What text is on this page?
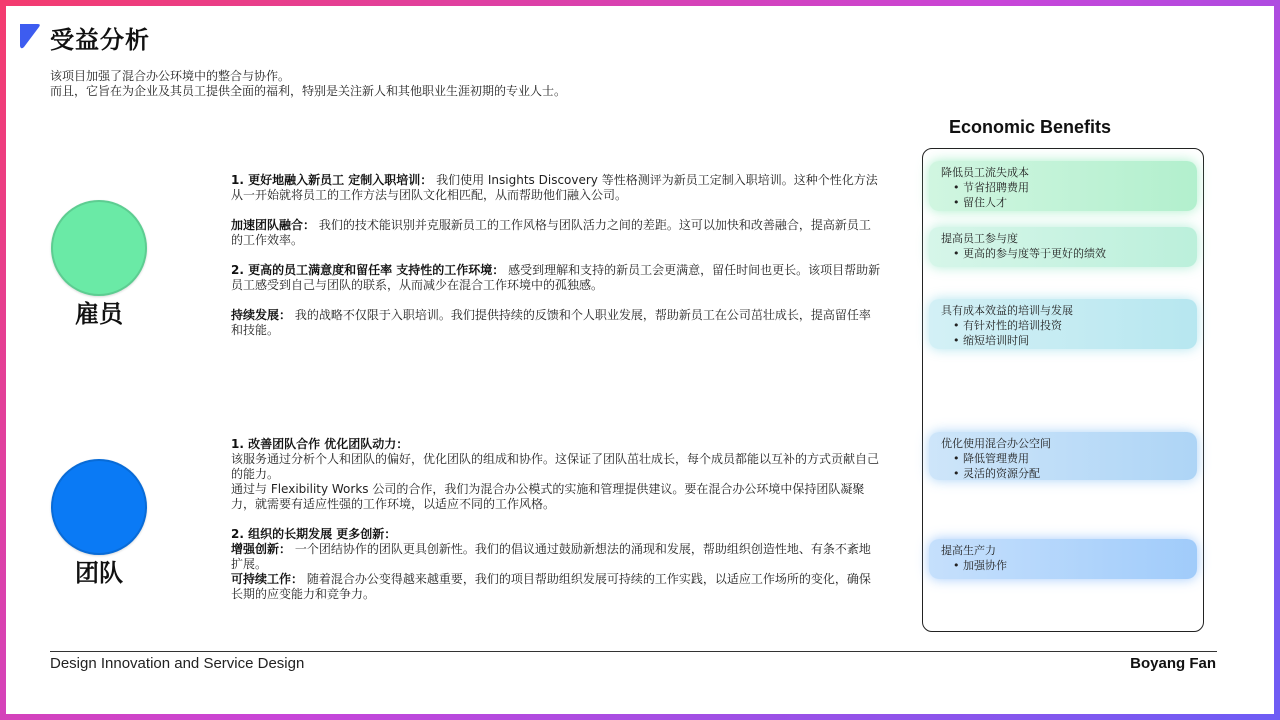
受益分析

该项目加强了混合办公环境中的整合与协作。

而且，它旨在为企业及其员工提供全面的福利，特别是关注新人和其他职业生涯初期的专业人士。

雇员
团队

1. 更好地融入新员工 定制入职培训： 我们使用 Insights Discovery 等性格测评为新员工定制入职培训。这种个性化方法从一开始就将员工的工作方法与团队文化相匹配，从而帮助他们融入公司。

加速团队融合： 我们的技术能识别并克服新员工的工作风格与团队活力之间的差距。这可以加快和改善融合，提高新员工的工作效率。

2. 更高的员工满意度和留任率 支持性的工作环境： 感受到理解和支持的新员工会更满意，留任时间也更长。该项目帮助新员工感受到自己与团队的联系，从而减少在混合工作环境中的孤独感。

持续发展： 我的战略不仅限于入职培训。我们提供持续的反馈和个人职业发展，帮助新员工在公司茁壮成长，提高留任率和技能。

1. 改善团队合作 优化团队动力：

该服务通过分析个人和团队的偏好，优化团队的组成和协作。这保证了团队茁壮成长，每个成员都能以互补的方式贡献自己的能力。

通过与 Flexibility Works 公司的合作，我们为混合办公模式的实施和管理提供建议。要在混合办公环境中保持团队凝聚力，就需要有适应性强的工作环境，以适应不同的工作风格。

2. 组织的长期发展 更多创新：

增强创新： 一个团结协作的团队更具创新性。我们的倡议通过鼓励新想法的涌现和发展，帮助组织创造性地、有条不紊地扩展。

可持续工作： 随着混合办公变得越来越重要，我们的项目帮助组织发展可持续的工作实践，以适应工作场所的变化，确保长期的应变能力和竞争力。

Economic Benefits
降低员工流失成本
• 节省招聘费用
• 留住人才
提高员工参与度
• 更高的参与度等于更好的绩效
具有成本效益的培训与发展
• 有针对性的培训投资
• 缩短培训时间
优化使用混合办公空间
• 降低管理费用
• 灵活的资源分配
提高生产力
• 加强协作
Design Innovation and Service Design	Boyang Fan
